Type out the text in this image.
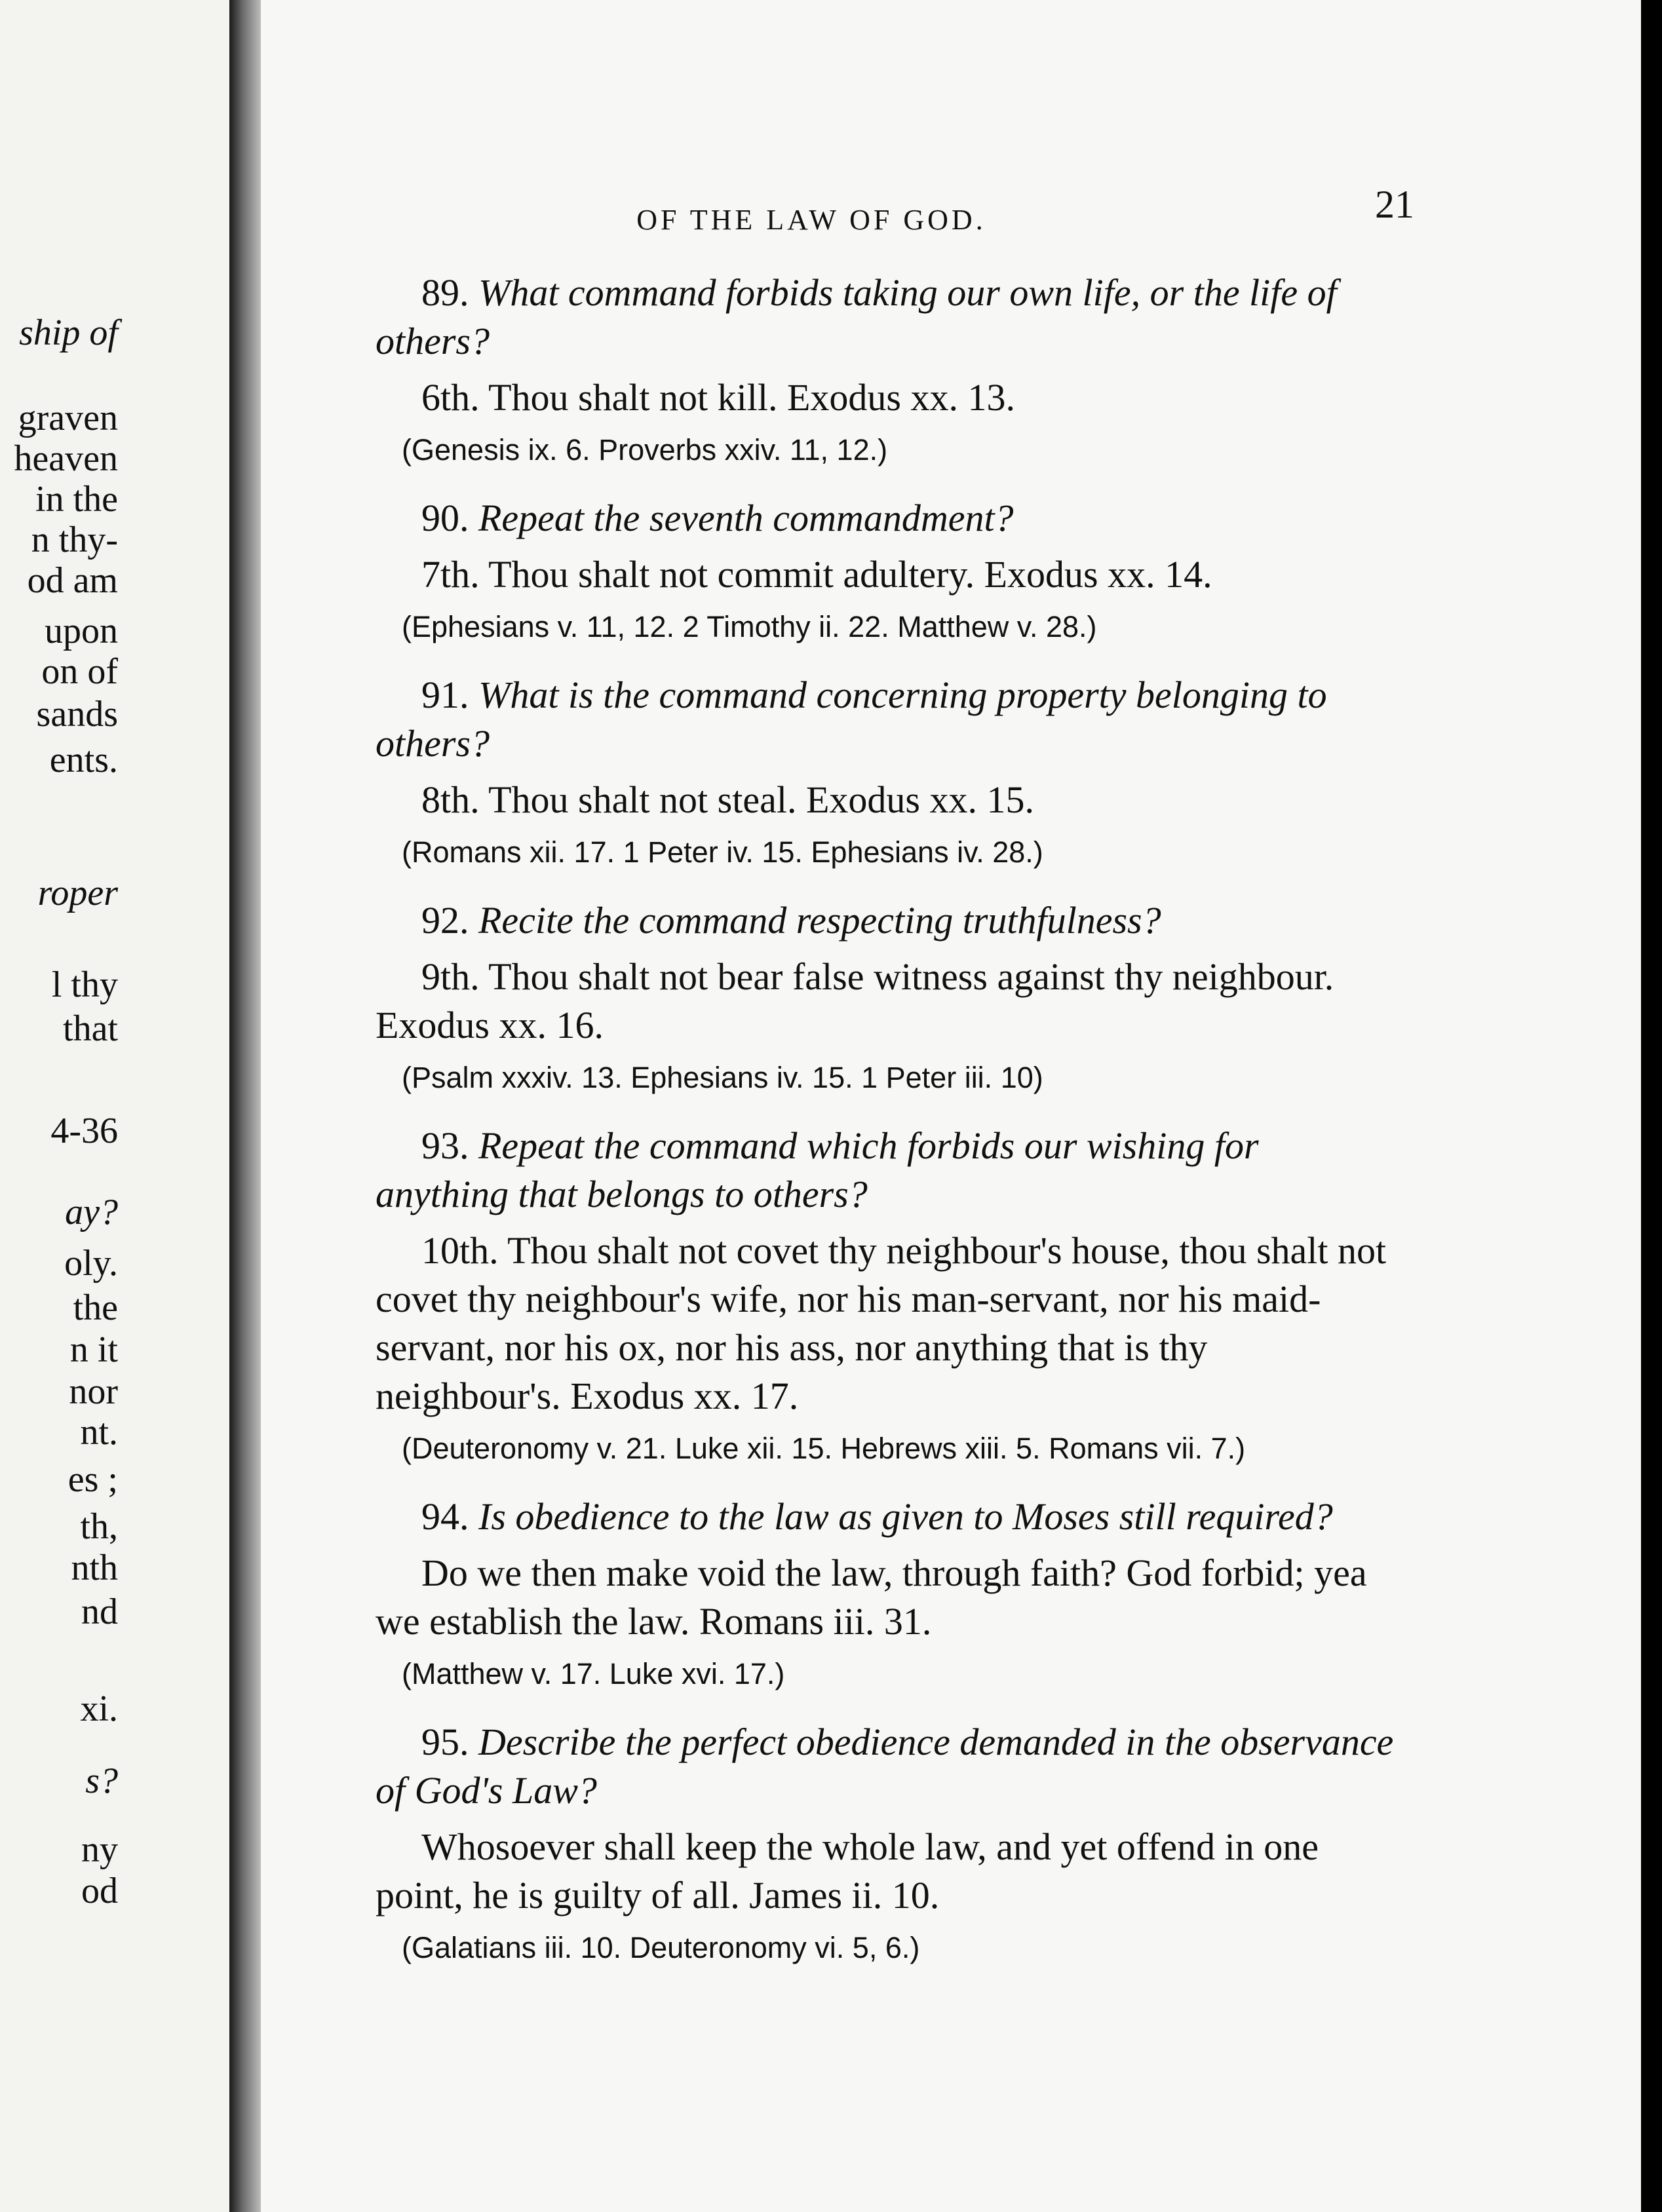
ship of
graven
heaven
in the
n thy-
od am
upon
on of
sands
ents.
roper
l thy
that
4-36
ay?
oly.
the
n it
nor
nt.
es ;
th,
nth
nd
xi.
s?
ny
od
OF THE LAW OF GOD.	21

89. What command forbids taking our own life, or the life of others?

6th. Thou shalt not kill. Exodus xx. 13.

(Genesis ix. 6. Proverbs xxiv. 11, 12.)

90. Repeat the seventh commandment?

7th. Thou shalt not commit adultery. Exodus xx. 14.

(Ephesians v. 11, 12. 2 Timothy ii. 22. Matthew v. 28.)

91. What is the command concerning property belonging to others?

8th. Thou shalt not steal. Exodus xx. 15.

(Romans xii. 17. 1 Peter iv. 15. Ephesians iv. 28.)

92. Recite the command respecting truthfulness?

9th. Thou shalt not bear false witness against thy neighbour. Exodus xx. 16.

(Psalm xxxiv. 13. Ephesians iv. 15. 1 Peter iii. 10)

93. Repeat the command which forbids our wishing for anything that belongs to others?

10th. Thou shalt not covet thy neighbour's house, thou shalt not covet thy neighbour's wife, nor his man-servant, nor his maid-servant, nor his ox, nor his ass, nor anything that is thy neighbour's. Exodus xx. 17.

(Deuteronomy v. 21. Luke xii. 15. Hebrews xiii. 5. Romans vii. 7.)

94. Is obedience to the law as given to Moses still required?

Do we then make void the law, through faith? God forbid; yea we establish the law. Romans iii. 31.

(Matthew v. 17. Luke xvi. 17.)

95. Describe the perfect obedience demanded in the observance of God's Law?

Whosoever shall keep the whole law, and yet offend in one point, he is guilty of all. James ii. 10.

(Galatians iii. 10. Deuteronomy vi. 5, 6.)
